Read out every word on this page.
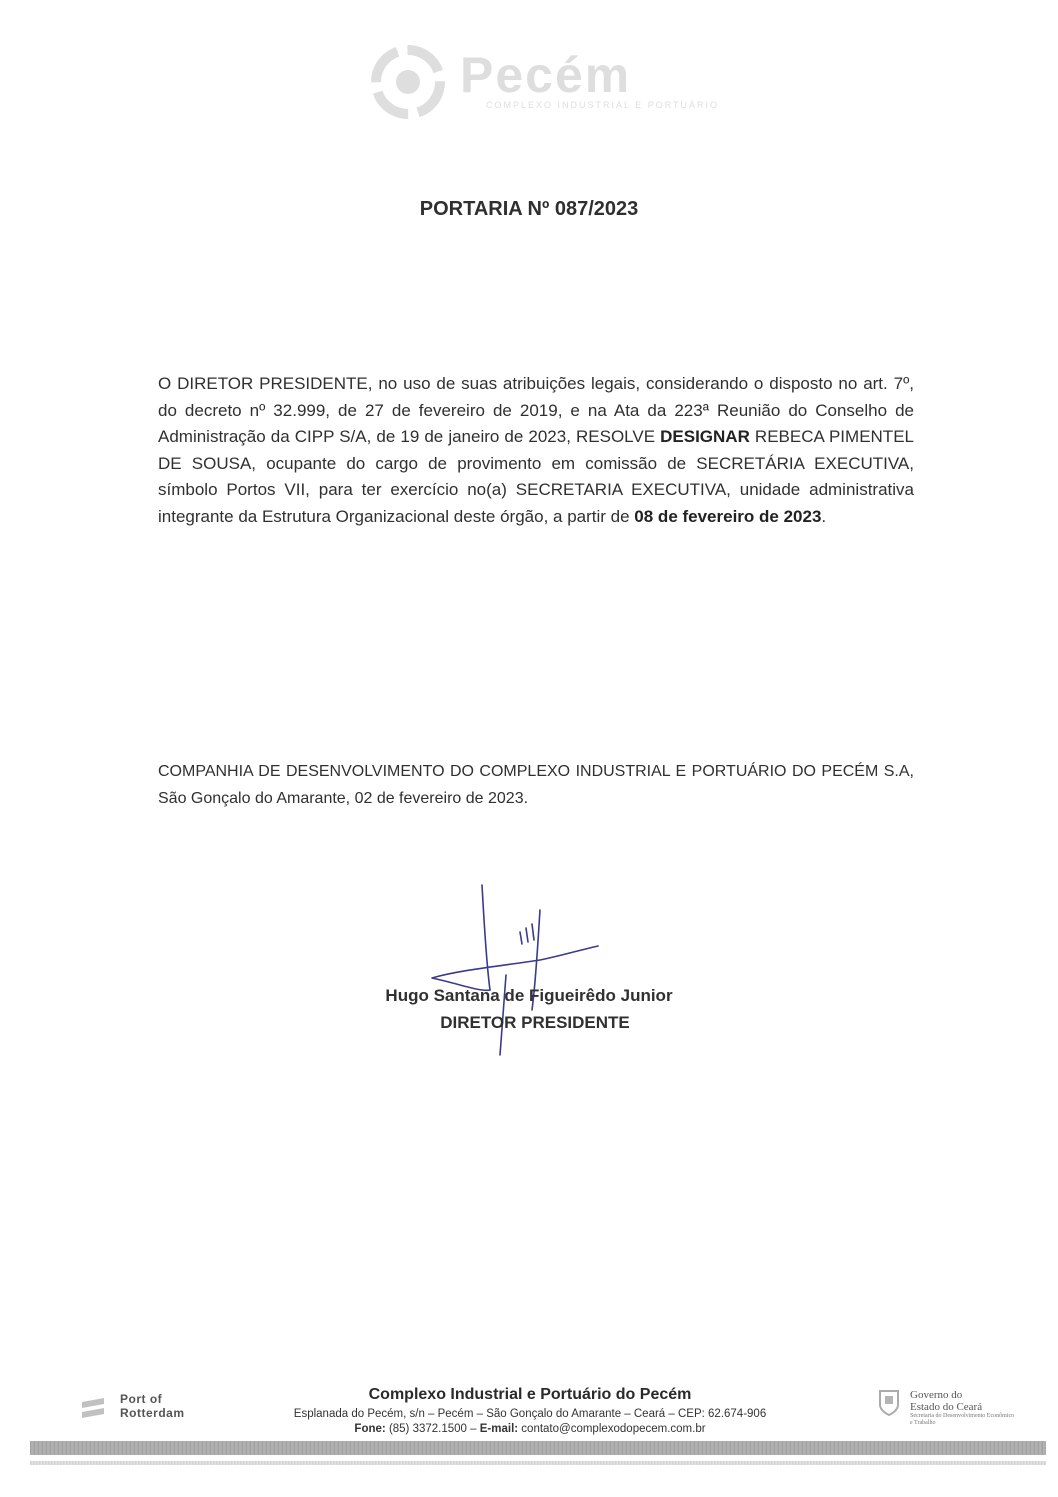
Pecém
COMPLEXO INDUSTRIAL E PORTUÁRIO
PORTARIA Nº 087/2023
O DIRETOR PRESIDENTE, no uso de suas atribuições legais, considerando o disposto no art. 7º, do decreto nº 32.999, de 27 de fevereiro de 2019, e na Ata da 223ª Reunião do Conselho de Administração da CIPP S/A, de 19 de janeiro de 2023, RESOLVE DESIGNAR REBECA PIMENTEL DE SOUSA, ocupante do cargo de provimento em comissão de SECRETÁRIA EXECUTIVA, símbolo Portos VII, para ter exercício no(a) SECRETARIA EXECUTIVA, unidade administrativa integrante da Estrutura Organizacional deste órgão, a partir de 08 de fevereiro de 2023.
COMPANHIA DE DESENVOLVIMENTO DO COMPLEXO INDUSTRIAL E PORTUÁRIO DO PECÉM S.A, São Gonçalo do Amarante, 02 de fevereiro de 2023.
Hugo Santana de Figueirêdo Junior
DIRETOR PRESIDENTE
Port of
Rotterdam
Complexo Industrial e Portuário do Pecém
Esplanada do Pecém, s/n – Pecém – São Gonçalo do Amarante – Ceará – CEP: 62.674-906
Fone: (85) 3372.1500 – E-mail: contato@complexodopecem.com.br
Governo do
Estado do Ceará
Secretaria do Desenvolvimento Econômico e Trabalho
